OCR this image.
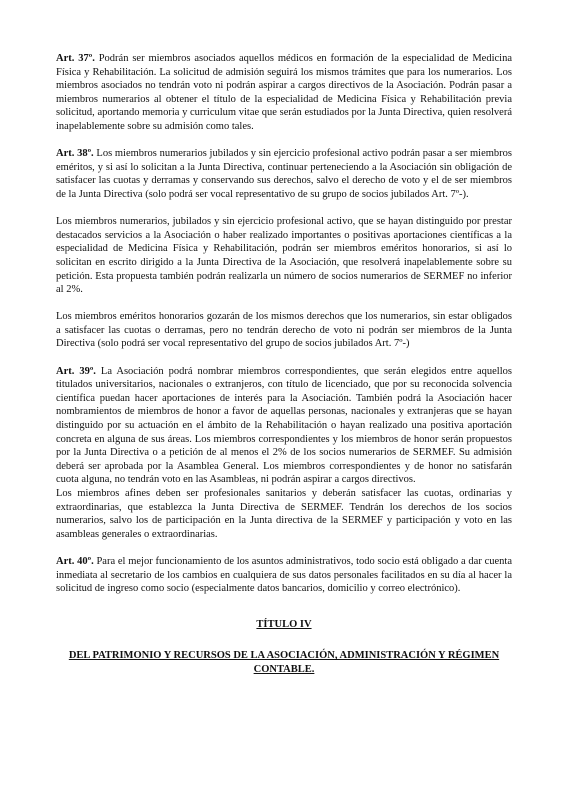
Art. 37º. Podrán ser miembros asociados aquellos médicos en formación de la especialidad de Medicina Física y Rehabilitación. La solicitud de admisión seguirá los mismos trámites que para los numerarios. Los miembros asociados no tendrán voto ni podrán aspirar a cargos directivos de la Asociación. Podrán pasar a miembros numerarios al obtener el título de la especialidad de Medicina Física y Rehabilitación previa solicitud, aportando memoria y curriculum vitae que serán estudiados por la Junta Directiva, quien resolverá inapelablemente sobre su admisión como tales.

Art. 38º. Los miembros numerarios jubilados y sin ejercicio profesional activo podrán pasar a ser miembros eméritos, y si así lo solicitan a la Junta Directiva, continuar perteneciendo a la Asociación sin obligación de satisfacer las cuotas y derramas y conservando sus derechos, salvo el derecho de voto y el de ser miembros de la Junta Directiva (solo podrá ser vocal representativo de su grupo de socios jubilados Art. 7º-).

Los miembros numerarios, jubilados y sin ejercicio profesional activo, que se hayan distinguido por prestar destacados servicios a la Asociación o haber realizado importantes o positivas aportaciones científicas a la especialidad de Medicina Física y Rehabilitación, podrán ser miembros eméritos honorarios, si así lo solicitan en escrito dirigido a la Junta Directiva de la Asociación, que resolverá inapelablemente sobre su petición. Esta propuesta también podrán realizarla un número de socios numerarios de SERMEF no inferior al 2%.

Los miembros eméritos honorarios gozarán de los mismos derechos que los numerarios, sin estar obligados a satisfacer las cuotas o derramas, pero no tendrán derecho de voto ni podrán ser miembros de la Junta Directiva (solo podrá ser vocal representativo del grupo de socios jubilados Art. 7º-)

Art. 39º. La Asociación podrá nombrar miembros correspondientes, que serán elegidos entre aquellos titulados universitarios, nacionales o extranjeros, con título de licenciado, que por su reconocida solvencia científica puedan hacer aportaciones de interés para la Asociación. También podrá la Asociación hacer nombramientos de miembros de honor a favor de aquellas personas, nacionales y extranjeras que se hayan distinguido por su actuación en el ámbito de la Rehabilitación o hayan realizado una positiva aportación concreta en alguna de sus áreas. Los miembros correspondientes y los miembros de honor serán propuestos por la Junta Directiva o a petición de al menos el 2% de los socios numerarios de SERMEF. Su admisión deberá ser aprobada por la Asamblea General. Los miembros correspondientes y de honor no satisfarán cuota alguna, no tendrán voto en las Asambleas, ni podrán aspirar a cargos directivos.

Los miembros afines deben ser profesionales sanitarios y deberán satisfacer las cuotas, ordinarias y extraordinarias, que establezca la Junta Directiva de SERMEF. Tendrán los derechos de los socios numerarios, salvo los de participación en la Junta directiva de la SERMEF y participación y voto en las asambleas generales o extraordinarias.

Art. 40º. Para el mejor funcionamiento de los asuntos administrativos, todo socio está obligado a dar cuenta inmediata al secretario de los cambios en cualquiera de sus datos personales facilitados en su día al hacer la solicitud de ingreso como socio (especialmente datos bancarios, domicilio y correo electrónico).

TÍTULO IV
DEL PATRIMONIO Y RECURSOS DE LA ASOCIACIÓN, ADMINISTRACIÓN Y RÉGIMEN CONTABLE.
